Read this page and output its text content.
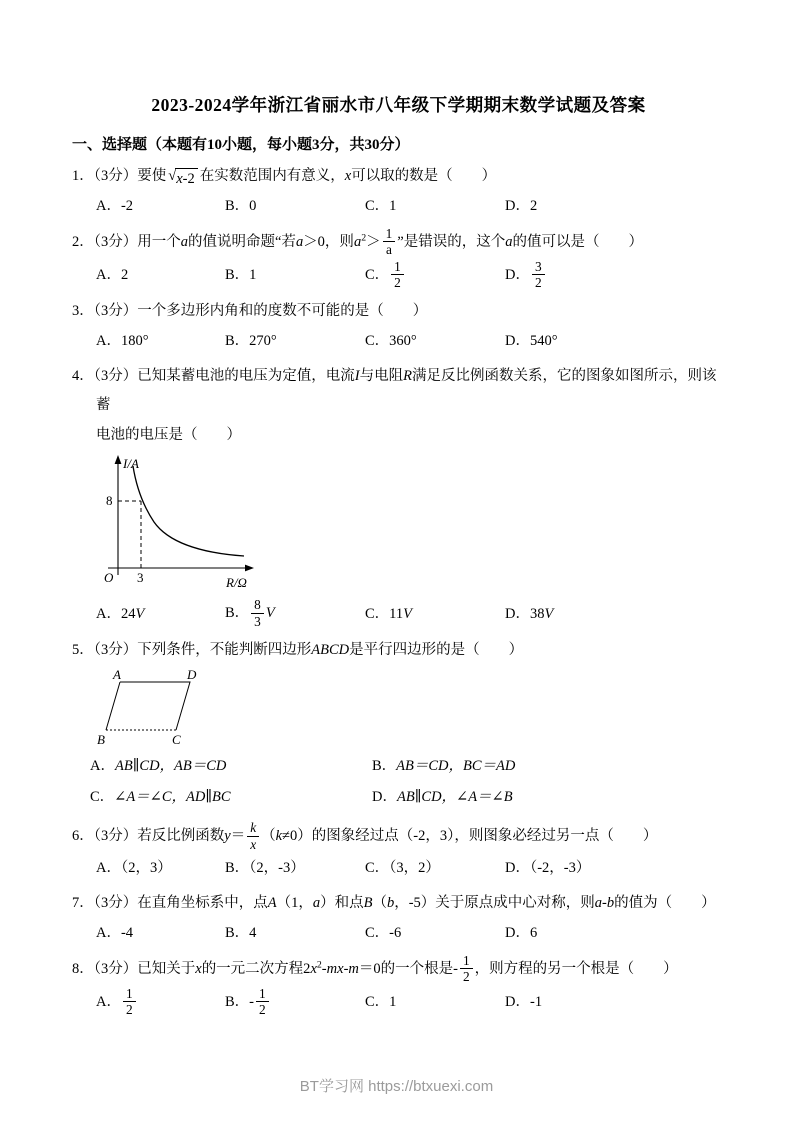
2023-2024学年浙江省丽水市八年级下学期期末数学试题及答案
一、选择题（本题有10小题，每小题3分，共30分）
1．（3分）要使 √ x-2 在实数范围内有意义，x可以取的数是（　　）
A．-2	B．0	C．1	D．2
2．（3分）用一个a的值说明命题“若a＞0，则$a^2> \frac{1}{a}$ ”是错误的，这个a的值可以是（　　）
A．2	B．1	C． $\frac{1}{2}$	D． $\frac{3}{2}$
3．（3分）一个多边形内角和的度数不可能的是（　　）
A．180°	B．270°	C．360°	D．540°
4．（3分）已知某蓄电池的电压为定值，电流I与电阻R满足反比例函数关系，它的图象如图所示，则该蓄
电池的电压是（　　）
I/A
R/Ω
O
8
3
A．24V	B． $\frac{8}{3}$ V	C．11V	D．38V
5．（3分）下列条件，不能判断四边形ABCD是平行四边形的是（　　）
A	D
B	C
A．AB∥CD，AB＝CD	B．AB＝CD，BC＝AD
C．∠A＝∠C，AD∥BC	D．AB∥CD，∠A＝∠B
6．（3分）若反比例函数$y= \frac{k}{x} (k\ne 0)$的图象经过点（-2，3），则图象必经过另一点（　　）
A．（2，3）	B．（2，-3）	C．（3，2）	D．（-2，-3）
7．（3分）在直角坐标系中，点A（1，a）和点B（b，-5）关于原点成中心对称，则a-b的值为（　　）
A．-4	B．4	C．-6	D．6
8．（3分）已知关于x的一元二次方程$2x^2-mx-m=0$的一个根是- $\frac{1}{2}$ ，则方程的另一个根是（　　）
A． $\frac{1}{2}$	B．- $\frac{1}{2}$	C．1	D．-1
BT学习网 https://btxuexi.com
